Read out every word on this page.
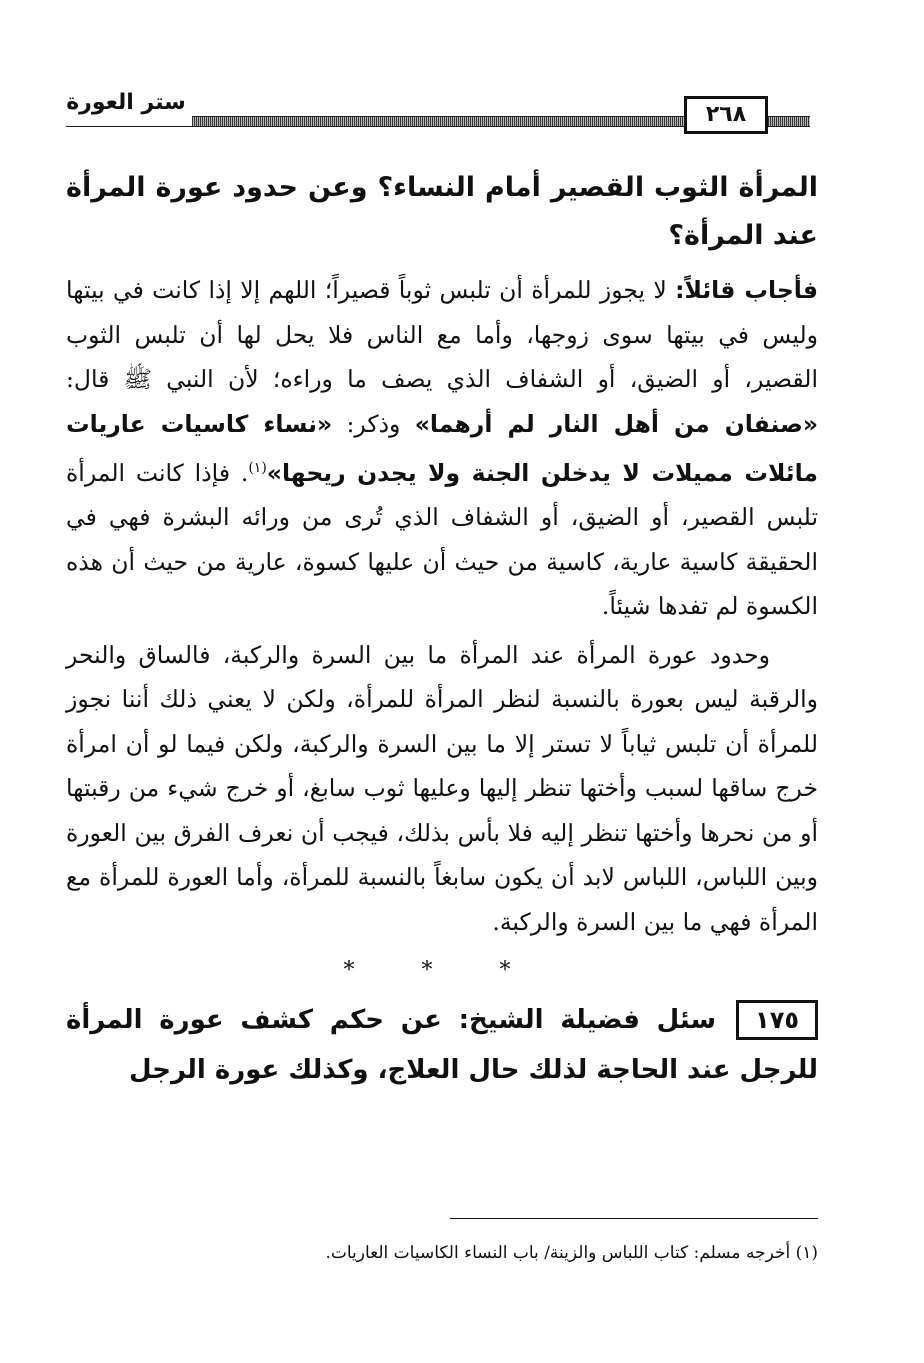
ستر العورة	٢٦٨

المرأة الثوب القصير أمام النساء؟ وعن حدود عورة المرأة عند المرأة؟

فأجاب قائلاً: لا يجوز للمرأة أن تلبس ثوباً قصيراً؛ اللهم إلا إذا كانت في بيتها وليس في بيتها سوى زوجها، وأما مع الناس فلا يحل لها أن تلبس الثوب القصير، أو الضيق، أو الشفاف الذي يصف ما وراءه؛ لأن النبي ﷺ قال: «صنفان من أهل النار لم أرهما» وذكر: «نساء كاسيات عاريات مائلات مميلات لا يدخلن الجنة ولا يجدن ريحها»$^{(١)}$. فإذا كانت المرأة تلبس القصير، أو الضيق، أو الشفاف الذي تُرى من ورائه البشرة فهي في الحقيقة كاسية عارية، كاسية من حيث أن عليها كسوة، عارية من حيث أن هذه الكسوة لم تفدها شيئاً.

وحدود عورة المرأة عند المرأة ما بين السرة والركبة، فالساق والنحر والرقبة ليس بعورة بالنسبة لنظر المرأة للمرأة، ولكن لا يعني ذلك أننا نجوز للمرأة أن تلبس ثياباً لا تستر إلا ما بين السرة والركبة، ولكن فيما لو أن امرأة خرج ساقها لسبب وأختها تنظر إليها وعليها ثوب سابغ، أو خرج شيء من رقبتها أو من نحرها وأختها تنظر إليه فلا بأس بذلك، فيجب أن نعرف الفرق بين العورة وبين اللباس، اللباس لابد أن يكون سابغاً بالنسبة للمرأة، وأما العورة للمرأة مع المرأة فهي ما بين السرة والركبة.

* * *

١٧٥سئل فضيلة الشيخ: عن حكم كشف عورة المرأة للرجل عند الحاجة لذلك حال العلاج، وكذلك عورة الرجل

(١) أخرجه مسلم: كتاب اللباس والزينة/ باب النساء الكاسيات العاريات.
